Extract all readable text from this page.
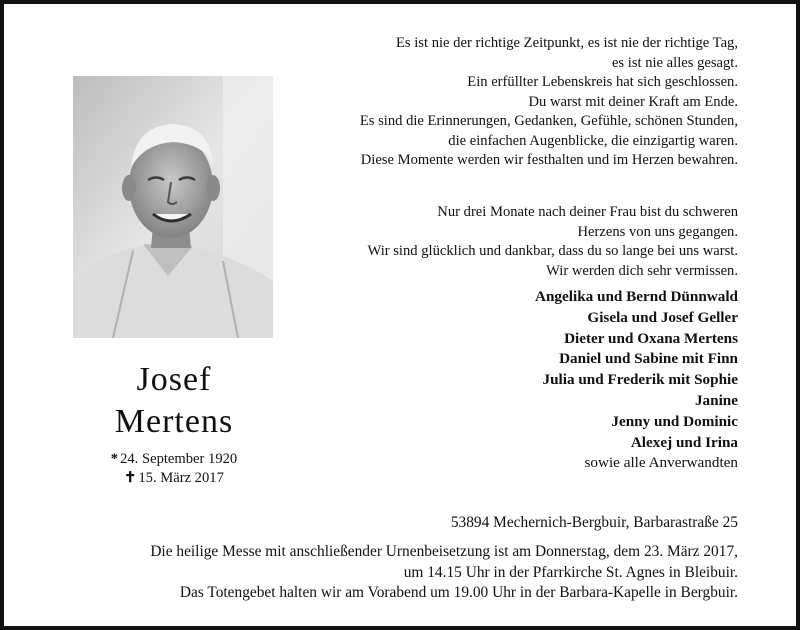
Es ist nie der richtige Zeitpunkt, es ist nie der richtige Tag,
es ist nie alles gesagt.
Ein erfüllter Lebenskreis hat sich geschlossen.
Du warst mit deiner Kraft am Ende.
Es sind die Erinnerungen, Gedanken, Gefühle, schönen Stunden,
die einfachen Augenblicke, die einzigartig waren.
Diese Momente werden wir festhalten und im Herzen bewahren.
Josef
Mertens
* 24. September 1920
✝ 15. März 2017
Nur drei Monate nach deiner Frau bist du schweren
Herzens von uns gegangen.
Wir sind glücklich und dankbar, dass du so lange bei uns warst.
Wir werden dich sehr vermissen.
Angelika und Bernd Dünnwald
Gisela und Josef Geller
Dieter und Oxana Mertens
Daniel und Sabine mit Finn
Julia und Frederik mit Sophie
Janine
Jenny und Dominic
Alexej und Irina
sowie alle Anverwandten
53894 Mechernich-Bergbuir, Barbarastraße 25
Die heilige Messe mit anschließender Urnenbeisetzung ist am Donnerstag, dem 23. März 2017,
um 14.15 Uhr in der Pfarrkirche St. Agnes in Bleibuir.
Das Totengebet halten wir am Vorabend um 19.00 Uhr in der Barbara-Kapelle in Bergbuir.
